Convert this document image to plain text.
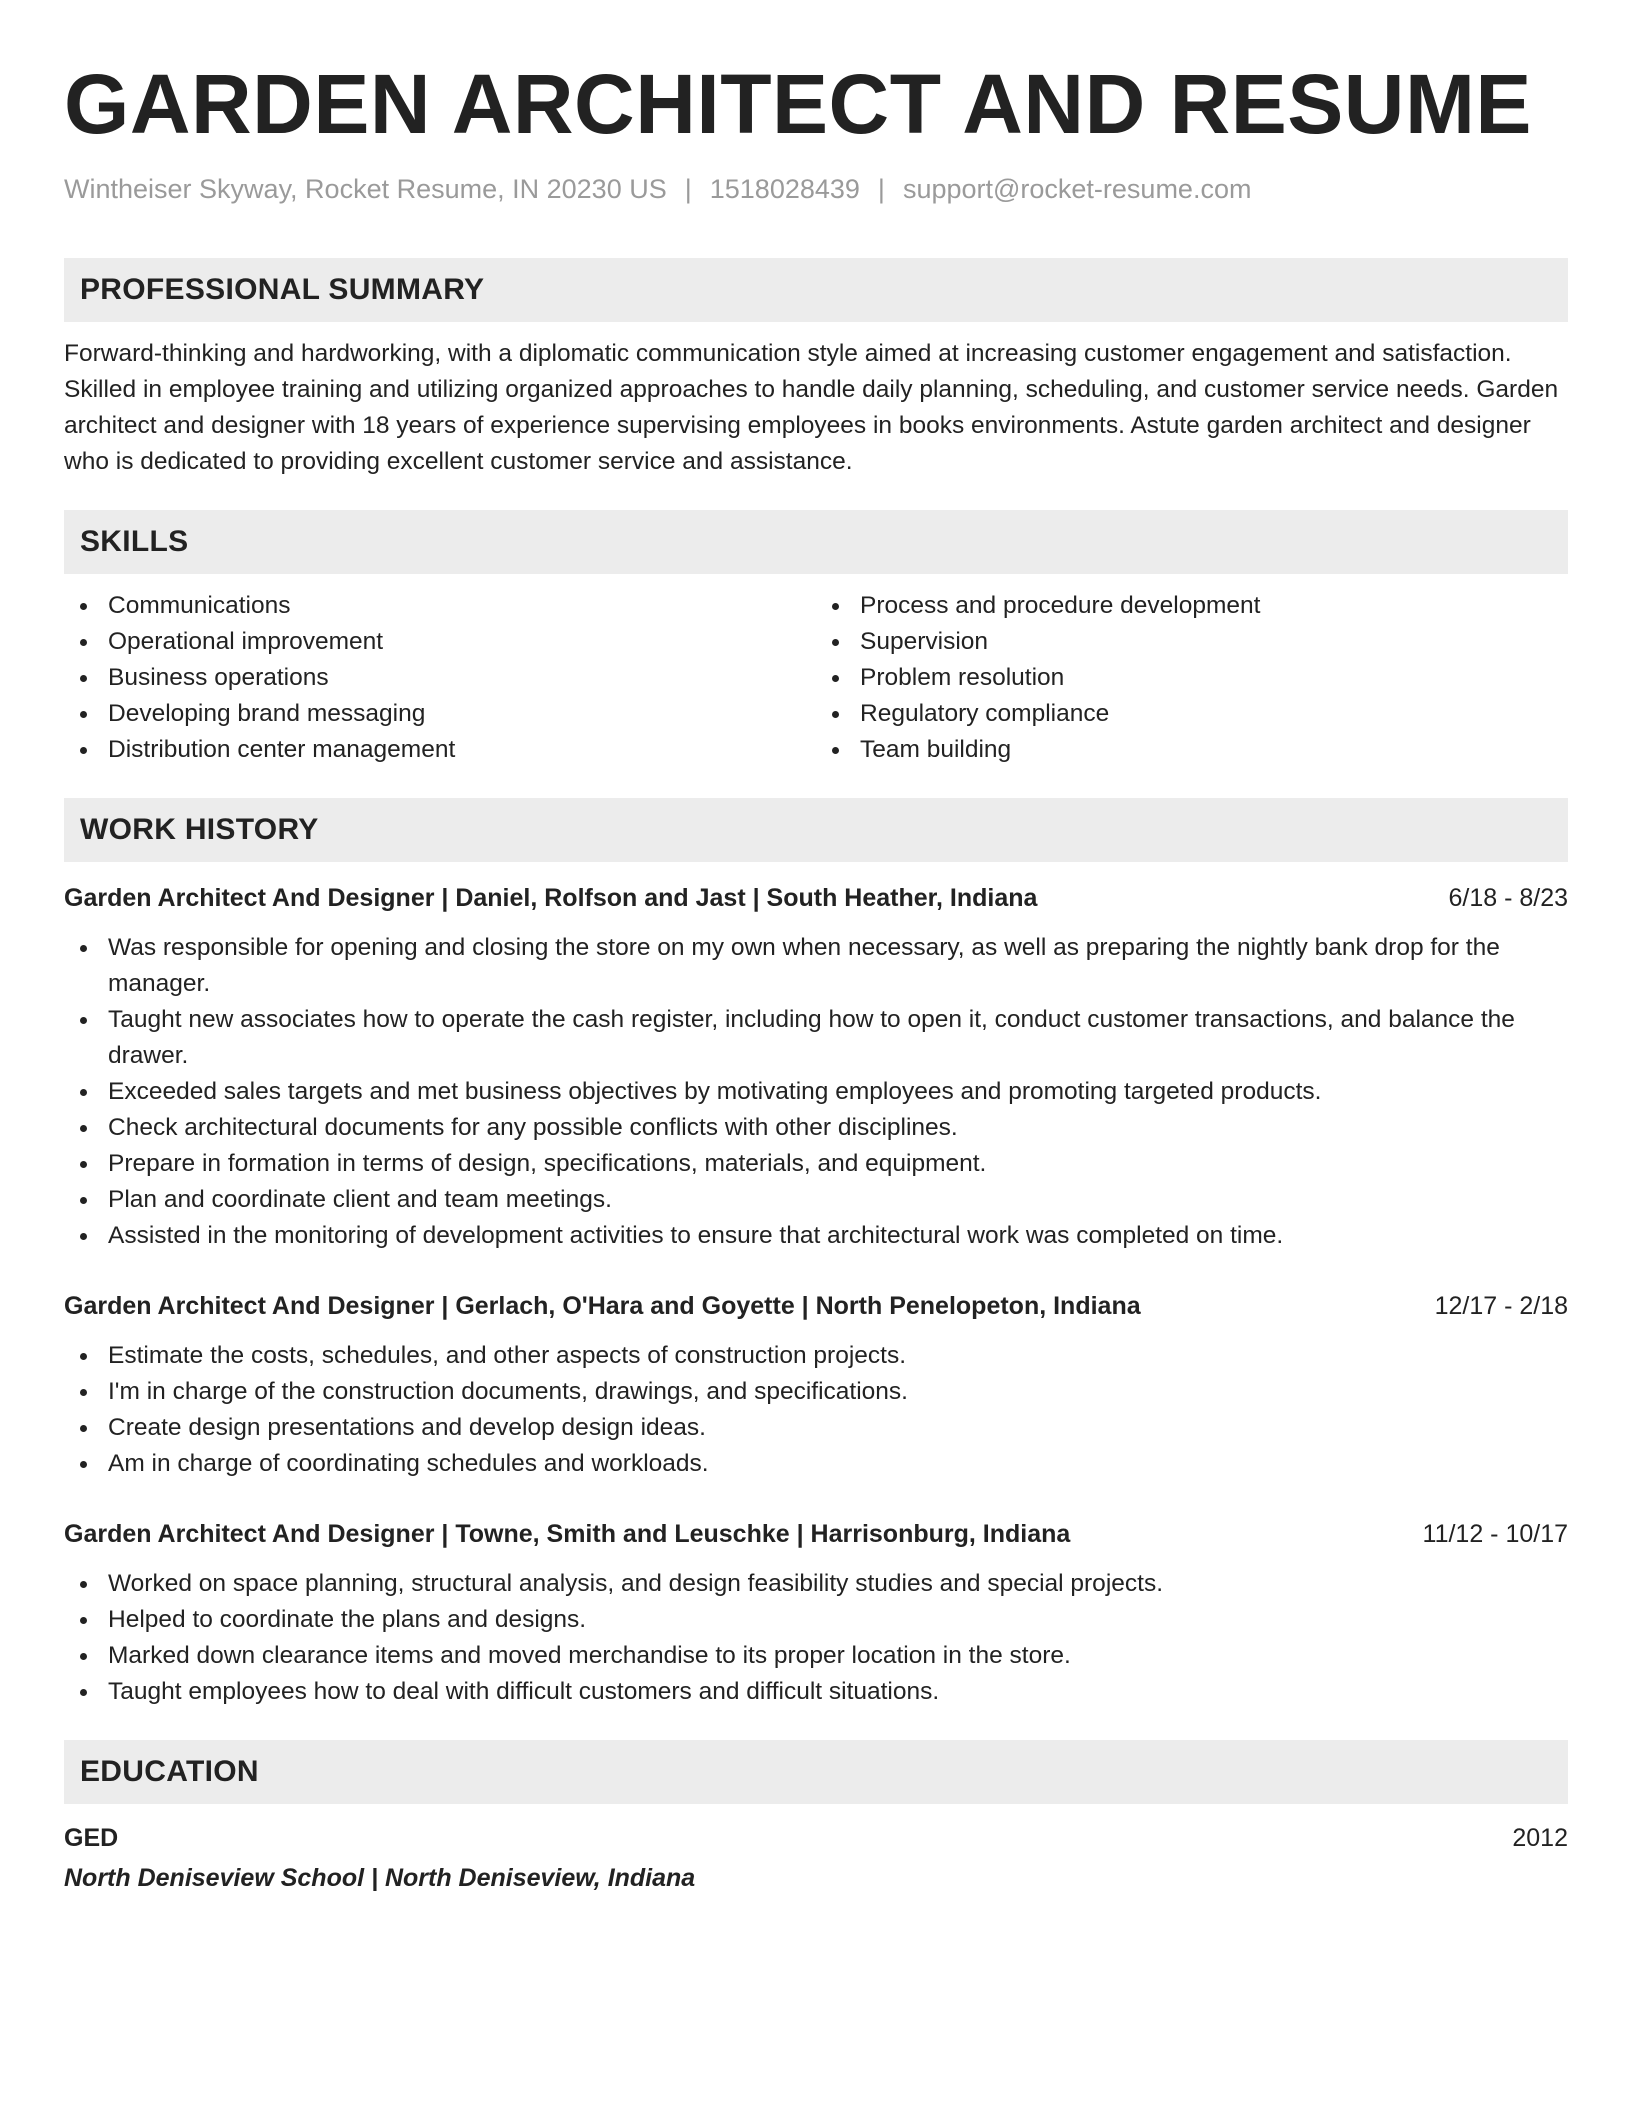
GARDEN ARCHITECT AND RESUME
Wintheiser Skyway, Rocket Resume, IN 20230 US | 1518028439 | support@rocket-resume.com
PROFESSIONAL SUMMARY

Forward-thinking and hardworking, with a diplomatic communication style aimed at increasing customer engagement and satisfaction. Skilled in employee training and utilizing organized approaches to handle daily planning, scheduling, and customer service needs. Garden architect and designer with 18 years of experience supervising employees in books environments. Astute garden architect and designer who is dedicated to providing excellent customer service and assistance.

SKILLS
Communications
Operational improvement
Business operations
Developing brand messaging
Distribution center management
Process and procedure development
Supervision
Problem resolution
Regulatory compliance
Team building
WORK HISTORY
Garden Architect And Designer | Daniel, Rolfson and Jast | South Heather, Indiana	6/18 - 8/23
Was responsible for opening and closing the store on my own when necessary, as well as preparing the nightly bank drop for the manager.
Taught new associates how to operate the cash register, including how to open it, conduct customer transactions, and balance the drawer.
Exceeded sales targets and met business objectives by motivating employees and promoting targeted products.
Check architectural documents for any possible conflicts with other disciplines.
Prepare in formation in terms of design, specifications, materials, and equipment.
Plan and coordinate client and team meetings.
Assisted in the monitoring of development activities to ensure that architectural work was completed on time.
Garden Architect And Designer | Gerlach, O'Hara and Goyette | North Penelopeton, Indiana	12/17 - 2/18
Estimate the costs, schedules, and other aspects of construction projects.
I'm in charge of the construction documents, drawings, and specifications.
Create design presentations and develop design ideas.
Am in charge of coordinating schedules and workloads.
Garden Architect And Designer | Towne, Smith and Leuschke | Harrisonburg, Indiana	11/12 - 10/17
Worked on space planning, structural analysis, and design feasibility studies and special projects.
Helped to coordinate the plans and designs.
Marked down clearance items and moved merchandise to its proper location in the store.
Taught employees how to deal with difficult customers and difficult situations.
EDUCATION
GED	2012
North Deniseview School | North Deniseview, Indiana
